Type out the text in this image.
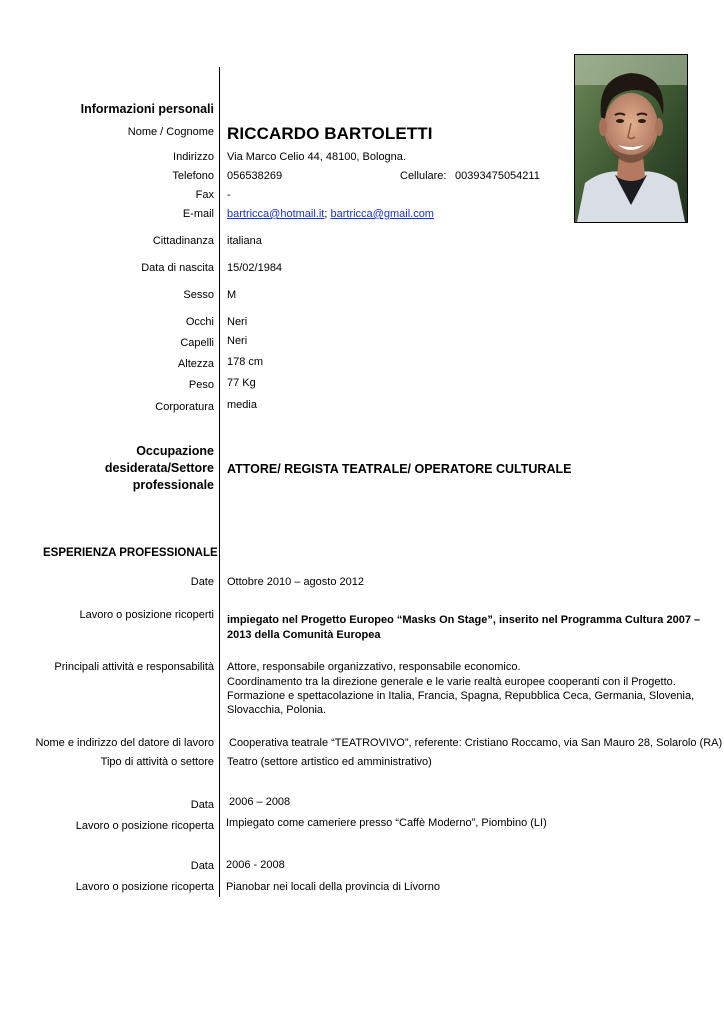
Informazioni personali
Nome / Cognome RICCARDO BARTOLETTI
Indirizzo Via Marco Celio 44, 48100, Bologna.
Telefono 056538269	Cellulare: 00393475054211
Fax -
E-mail bartricca@hotmail.it; bartricca@gmail.com
Cittadinanza italiana
Data di nascita 15/02/1984
Sesso M
Occhi Neri
Capelli Neri
Altezza 178 cm
Peso 77 Kg
Corporatura media
Occupazione
desiderata/Settore
professionale
ATTORE/ REGISTA TEATRALE/ OPERATORE CULTURALE
ESPERIENZA PROFESSIONALE
Date Ottobre 2010 – agosto 2012
Lavoro o posizione ricoperti impiegato nel Progetto Europeo “Masks On Stage”, inserito nel Programma Cultura 2007 –
2013 della Comunità Europea
Principali attività e responsabilità Attore, responsabile organizzativo, responsabile economico.
Coordinamento tra la direzione generale e le varie realtà europee cooperanti con il Progetto.
Formazione e spettacolazione in Italia, Francia, Spagna, Repubblica Ceca, Germania, Slovenia,
Slovacchia, Polonia.
Nome e indirizzo del datore di lavoro Cooperativa teatrale “TEATROVIVO”, referente: Cristiano Roccamo, via San Mauro 28, Solarolo (RA)
Tipo di attività o settore Teatro (settore artistico ed amministrativo)
Data 2006 – 2008
Lavoro o posizione ricoperta Impiegato come cameriere presso “Caffè Moderno”, Piombino (LI)
Data 2006 - 2008
Lavoro o posizione ricoperta Pianobar nei locali della provincia di Livorno
